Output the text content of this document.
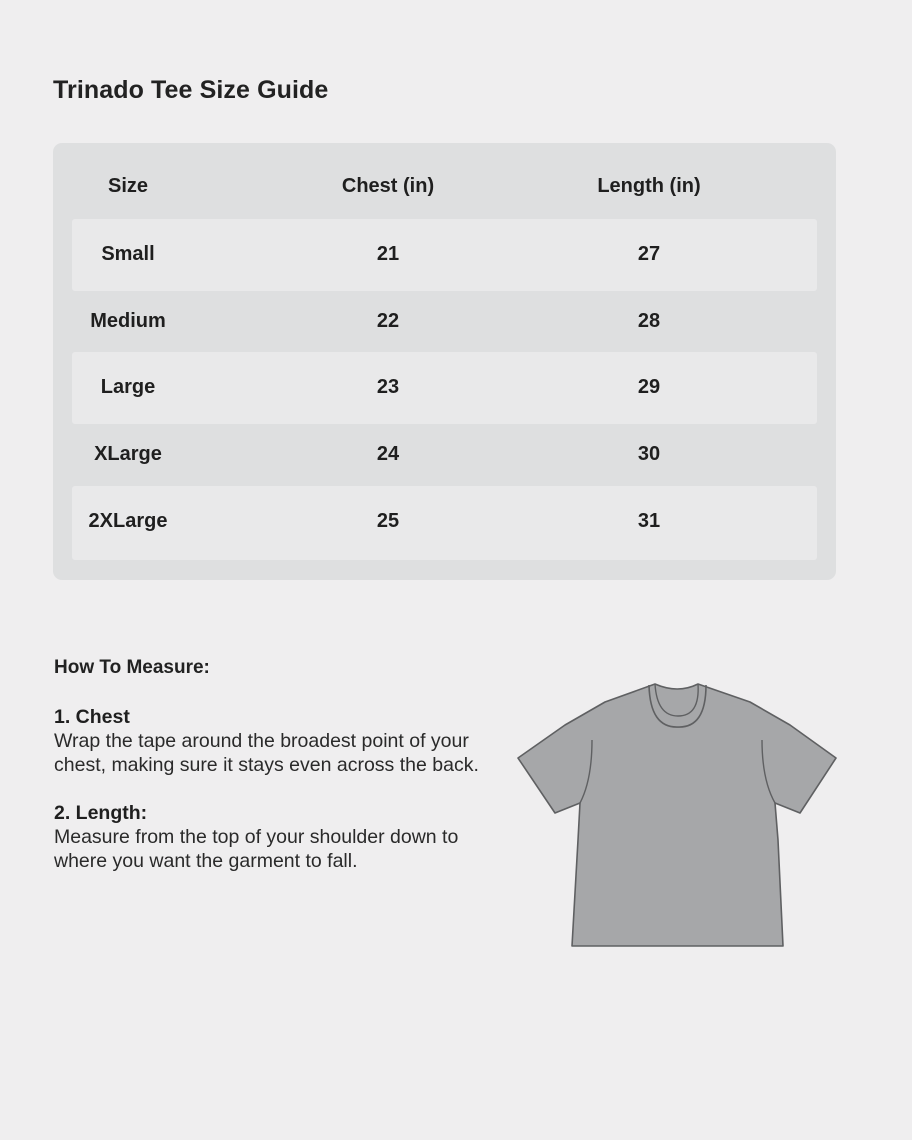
Trinado Tee Size Guide
Size	Chest (in)	Length (in)
Small	21	27
Medium	22	28
Large	23	29
XLarge	24	30
2XLarge	25	31
How To Measure:
1. Chest
Wrap the tape around the broadest point of your
chest, making sure it stays even across the back.
2. Length:
Measure from the top of your shoulder down to
where you want the garment to fall.
